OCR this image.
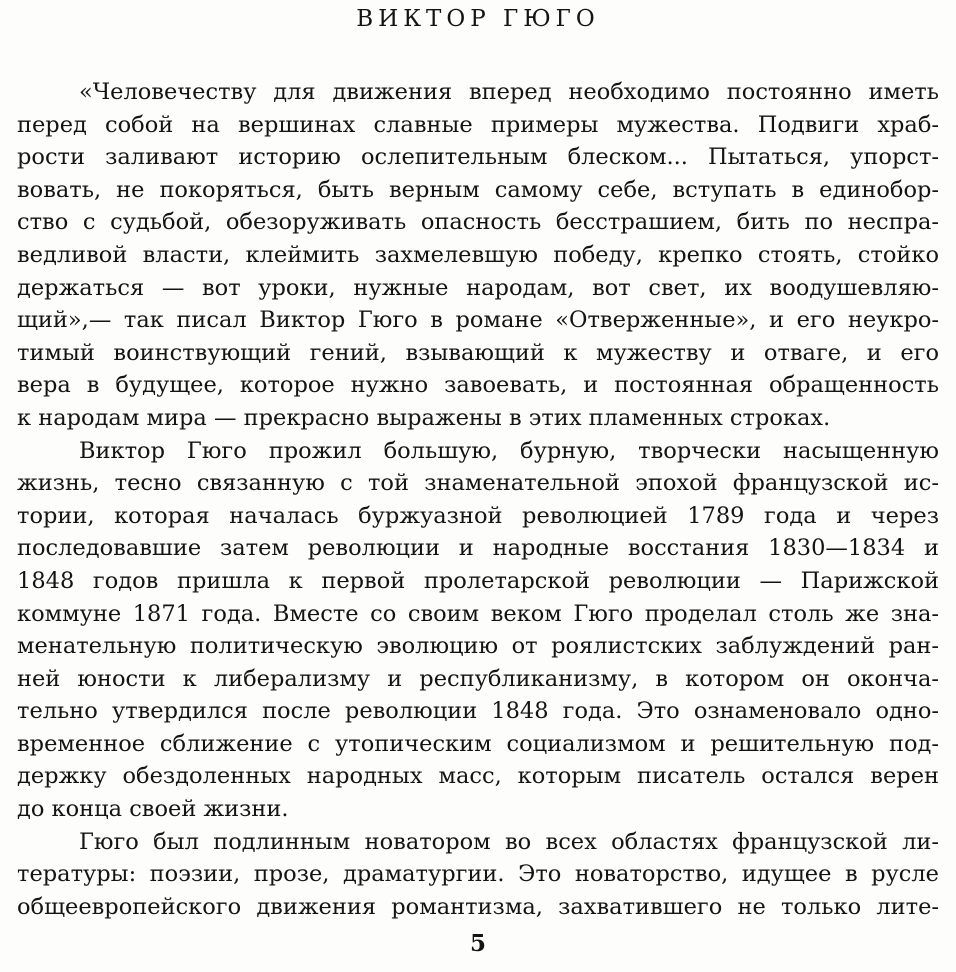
ВИКТОР ГЮГО
«Человечеству для движения вперед необходимо постоянно иметь
перед собой на вершинах славные примеры мужества. Подвиги храб-
рости заливают историю ослепительным блеском... Пытаться, упорст-
вовать, не покоряться, быть верным самому себе, вступать в единобор-
ство с судьбой, обезоруживать опасность бесстрашием, бить по неспра-
ведливой власти, клеймить захмелевшую победу, крепко стоять, стойко
держаться — вот уроки, нужные народам, вот свет, их воодушевляю-
щий»,— так писал Виктор Гюго в романе «Отверженные», и его неукро-
тимый воинствующий гений, взывающий к мужеству и отваге, и его
вера в будущее, которое нужно завоевать, и постоянная обращенность
к народам мира — прекрасно выражены в этих пламенных строках.
Виктор Гюго прожил большую, бурную, творчески насыщенную
жизнь, тесно связанную с той знаменательной эпохой французской ис-
тории, которая началась буржуазной революцией 1789 года и через
последовавшие затем революции и народные восстания 1830—1834 и
1848 годов пришла к первой пролетарской революции — Парижской
коммуне 1871 года. Вместе со своим веком Гюго проделал столь же зна-
менательную политическую эволюцию от роялистских заблуждений ран-
ней юности к либерализму и республиканизму, в котором он оконча-
тельно утвердился после революции 1848 года. Это ознаменовало одно-
временное сближение с утопическим социализмом и решительную под-
держку обездоленных народных масс, которым писатель остался верен
до конца своей жизни.
Гюго был подлинным новатором во всех областях французской ли-
тературы: поэзии, прозе, драматургии. Это новаторство, идущее в русле
общеевропейского движения романтизма, захватившего не только лите-
5
